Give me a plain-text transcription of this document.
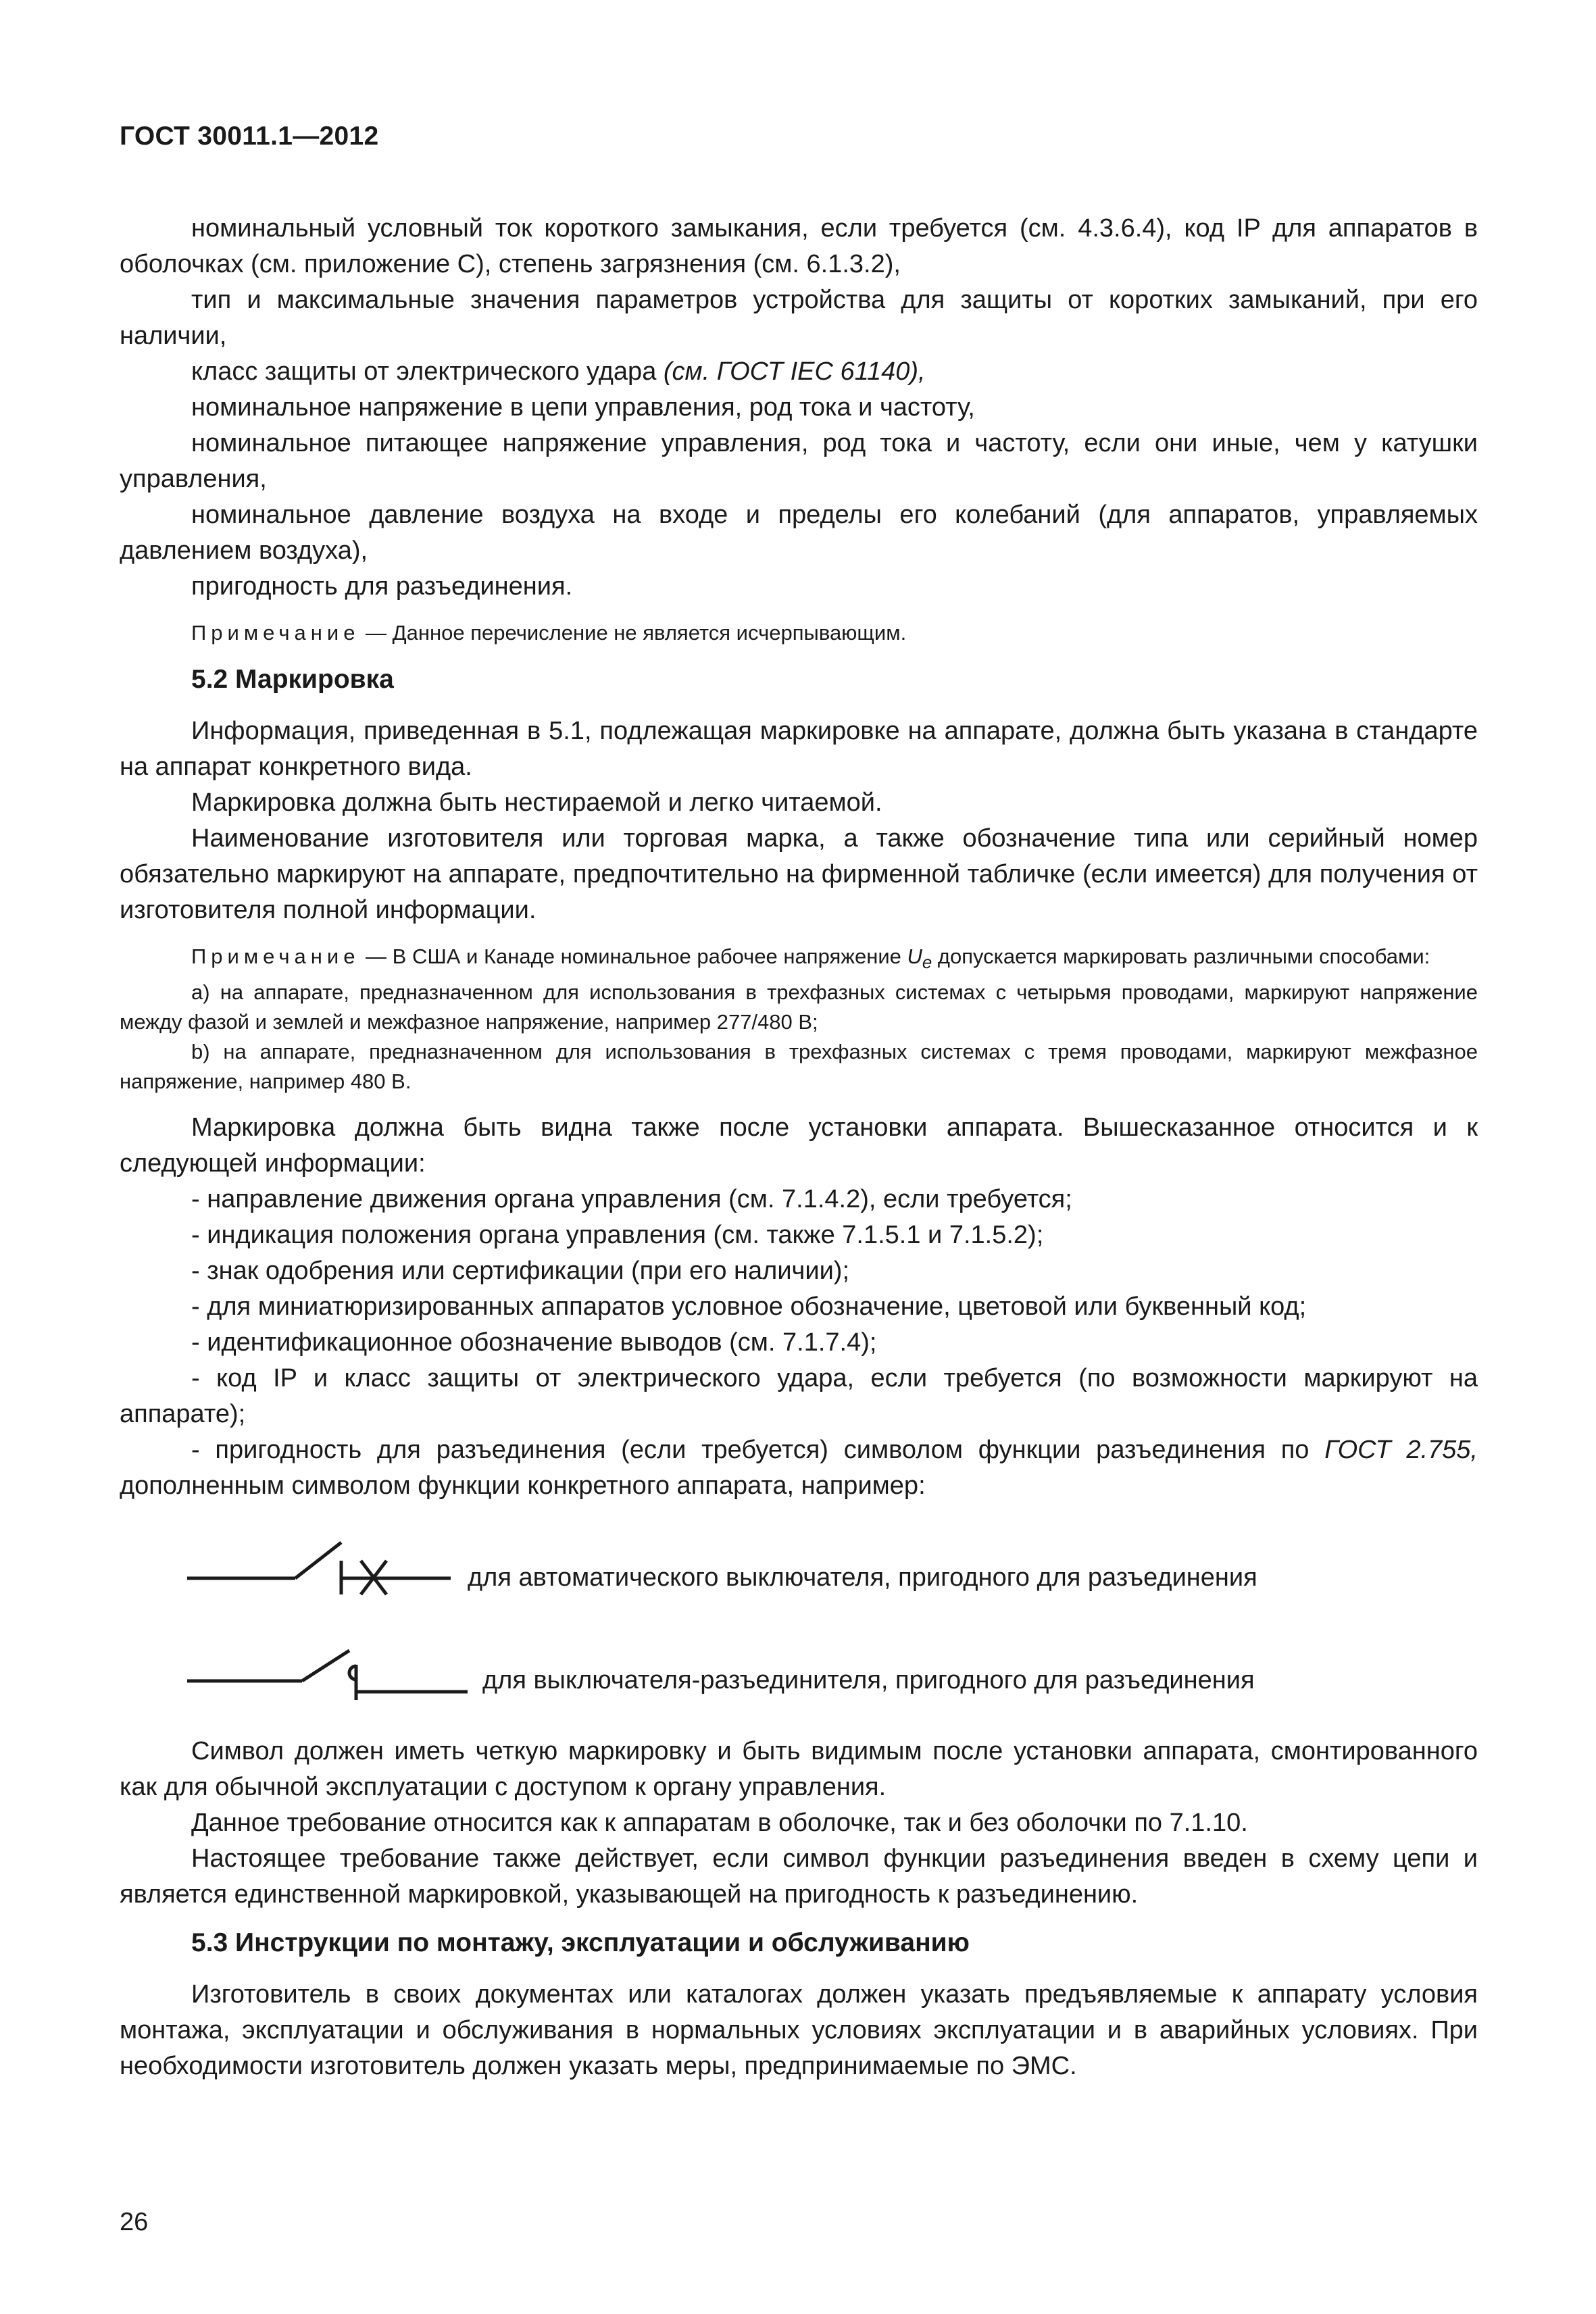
ГОСТ 30011.1—2012

номинальный условный ток короткого замыкания, если требуется (см. 4.3.6.4), код IP для аппаратов в оболочках (см. приложение С), степень загрязнения (см. 6.1.3.2),

тип и максимальные значения параметров устройства для защиты от коротких замыканий, при его наличии,

класс защиты от электрического удара (см. ГОСТ IEC 61140),

номинальное напряжение в цепи управления, род тока и частоту,

номинальное питающее напряжение управления, род тока и частоту, если они иные, чем у катушки управления,

номинальное давление воздуха на входе и пределы его колебаний (для аппаратов, управляемых давлением воздуха),

пригодность для разъединения.

Примечание — Данное перечисление не является исчерпывающим.

5.2 Маркировка

Информация, приведенная в 5.1, подлежащая маркировке на аппарате, должна быть указана в стандарте на аппарат конкретного вида.

Маркировка должна быть нестираемой и легко читаемой.

Наименование изготовителя или торговая марка, а также обозначение типа или серийный номер обязательно маркируют на аппарате, предпочтительно на фирменной табличке (если имеется) для получения от изготовителя полной информации.

Примечание — В США и Канаде номинальное рабочее напряжение $U_e$ допускается маркировать различными способами:

a) на аппарате, предназначенном для использования в трехфазных системах с четырьмя проводами, маркируют напряжение между фазой и землей и межфазное напряжение, например 277/480 В;

b) на аппарате, предназначенном для использования в трехфазных системах с тремя проводами, маркируют межфазное напряжение, например 480 В.

Маркировка должна быть видна также после установки аппарата. Вышесказанное относится и к следующей информации:

- направление движения органа управления (см. 7.1.4.2), если требуется;

- индикация положения органа управления (см. также 7.1.5.1 и 7.1.5.2);

- знак одобрения или сертификации (при его наличии);

- для миниатюризированных аппаратов условное обозначение, цветовой или буквенный код;

- идентификационное обозначение выводов (см. 7.1.7.4);

- код IP и класс защиты от электрического удара, если требуется (по возможности маркируют на аппарате);

- пригодность для разъединения (если требуется) символом функции разъединения по ГОСТ 2.755, дополненным символом функции конкретного аппарата, например:

для автоматического выключателя, пригодного для разъединения
для выключателя-разъединителя, пригодного для разъединения

Символ должен иметь четкую маркировку и быть видимым после установки аппарата, смонтированного как для обычной эксплуатации с доступом к органу управления.

Данное требование относится как к аппаратам в оболочке, так и без оболочки по 7.1.10.

Настоящее требование также действует, если символ функции разъединения введен в схему цепи и является единственной маркировкой, указывающей на пригодность к разъединению.

5.3 Инструкции по монтажу, эксплуатации и обслуживанию

Изготовитель в своих документах или каталогах должен указать предъявляемые к аппарату условия монтажа, эксплуатации и обслуживания в нормальных условиях эксплуатации и в аварийных условиях. При необходимости изготовитель должен указать меры, предпринимаемые по ЭМС.

26
